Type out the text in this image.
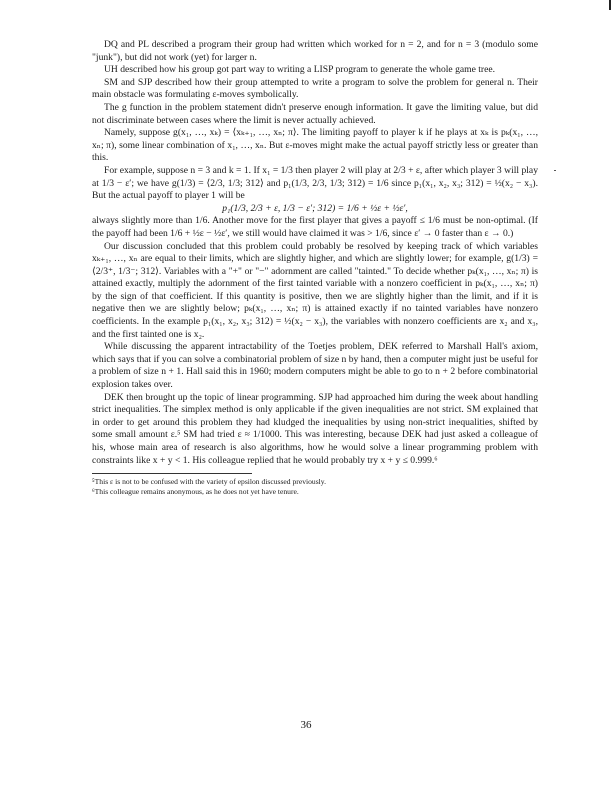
DQ and PL described a program their group had written which worked for n = 2, and for n = 3 (modulo some "junk"), but did not work (yet) for larger n.

UH described how his group got part way to writing a LISP program to generate the whole game tree.

SM and SJP described how their group attempted to write a program to solve the problem for general n. Their main obstacle was formulating ε-moves symbolically.

The g function in the problem statement didn't preserve enough information. It gave the limiting value, but did not discriminate between cases where the limit is never actually achieved.

Namely, suppose g(x₁, …, xₖ) = ⟨xₖ₊₁, …, xₙ; π⟩. The limiting payoff to player k if he plays at xₖ is pₖ(x₁, …, xₙ; π), some linear combination of x₁, …, xₙ. But ε-moves might make the actual payoff strictly less or greater than this.

For example, suppose n = 3 and k = 1. If x₁ = 1/3 then player 2 will play at 2/3 + ε, after which player 3 will play at 1/3 − ε′; we have g(1/3) = ⟨2/3, 1/3; 312⟩ and p₁(1/3, 2/3, 1/3; 312) = 1/6 since p₁(x₁, x₂, x₃; 312) = ½(x₂ − x₃). But the actual payoff to player 1 will be

p₁(1/3, 2/3 + ε, 1/3 − ε′; 312) = 1/6 + ½ε + ½ε′,

always slightly more than 1/6. Another move for the first player that gives a payoff ≤ 1/6 must be non-optimal. (If the payoff had been 1/6 + ½ε − ½ε′, we still would have claimed it was > 1/6, since ε′ → 0 faster than ε → 0.)

Our discussion concluded that this problem could probably be resolved by keeping track of which variables xₖ₊₁, …, xₙ are equal to their limits, which are slightly higher, and which are slightly lower; for example, g(1/3) = ⟨2/3⁺, 1/3⁻; 312⟩. Variables with a "+" or "−" adornment are called "tainted." To decide whether pₖ(x₁, …, xₙ; π) is attained exactly, multiply the adornment of the first tainted variable with a nonzero coefficient in pₖ(x₁, …, xₙ; π) by the sign of that coefficient. If this quantity is positive, then we are slightly higher than the limit, and if it is negative then we are slightly below; pₖ(x₁, …, xₙ; π) is attained exactly if no tainted variables have nonzero coefficients. In the example p₁(x₁, x₂, x₃; 312) = ½(x₂ − x₃), the variables with nonzero coefficients are x₂ and x₃, and the first tainted one is x₂.

While discussing the apparent intractability of the Toetjes problem, DEK referred to Marshall Hall's axiom, which says that if you can solve a combinatorial problem of size n by hand, then a computer might just be useful for a problem of size n + 1. Hall said this in 1960; modern computers might be able to go to n + 2 before combinatorial explosion takes over.

DEK then brought up the topic of linear programming. SJP had approached him during the week about handling strict inequalities. The simplex method is only applicable if the given inequalities are not strict. SM explained that in order to get around this problem they had kludged the inequalities by using non-strict inequalities, shifted by some small amount ε.⁵ SM had tried ε ≈ 1/1000. This was interesting, because DEK had just asked a colleague of his, whose main area of research is also algorithms, how he would solve a linear programming problem with constraints like x + y < 1. His colleague replied that he would probably try x + y ≤ 0.999.⁶

⁵This ε is not to be confused with the variety of epsilon discussed previously.
⁶This colleague remains anonymous, as he does not yet have tenure.
36
